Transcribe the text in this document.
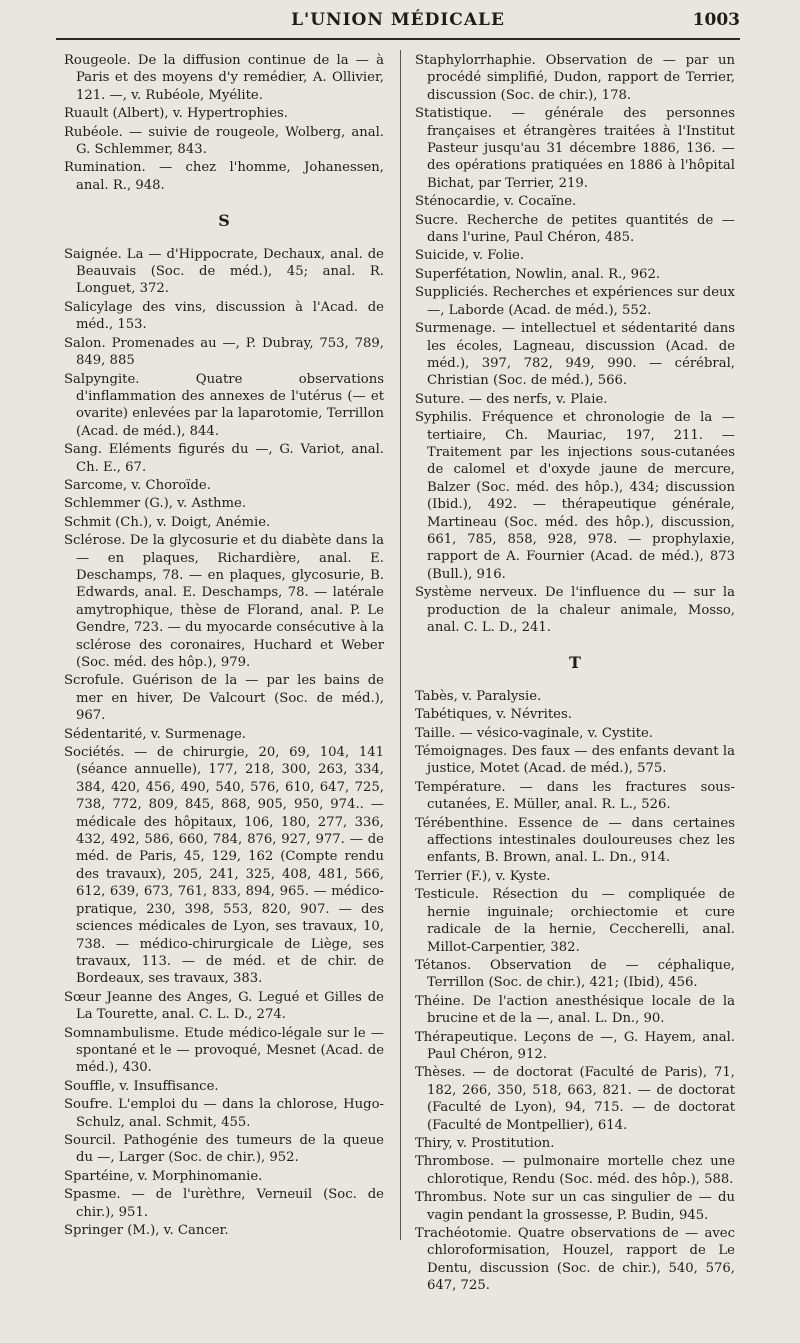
L'UNION MÉDICALE	1003

Rougeole. De la diffusion continue de la — à Paris et des moyens d'y remédier, A. Ollivier, 121. —, v. Rubéole, Myélite.

Ruault (Albert), v. Hypertrophies.

Rubéole. — suivie de rougeole, Wolberg, anal. G. Schlemmer, 843.

Rumination. — chez l'homme, Johanessen, anal. R., 948.

S

Saignée. La — d'Hippocrate, Dechaux, anal. de Beauvais (Soc. de méd.), 45; anal. R. Longuet, 372.

Salicylage des vins, discussion à l'Acad. de méd., 153.

Salon. Promenades au —, P. Dubray, 753, 789, 849, 885

Salpyngite. Quatre observations d'inflammation des annexes de l'utérus (— et ovarite) enlevées par la laparotomie, Terrillon (Acad. de méd.), 844.

Sang. Eléments figurés du —, G. Variot, anal. Ch. E., 67.

Sarcome, v. Choroïde.

Schlemmer (G.), v. Asthme.

Schmit (Ch.), v. Doigt, Anémie.

Sclérose. De la glycosurie et du diabète dans la — en plaques, Richardière, anal. E. Deschamps, 78. — en plaques, glycosurie, B. Edwards, anal. E. Deschamps, 78. — latérale amytrophique, thèse de Florand, anal. P. Le Gendre, 723. — du myocarde consécutive à la sclérose des coronaires, Huchard et Weber (Soc. méd. des hôp.), 979.

Scrofule. Guérison de la — par les bains de mer en hiver, De Valcourt (Soc. de méd.), 967.

Sédentarité, v. Surmenage.

Sociétés. — de chirurgie, 20, 69, 104, 141 (séance annuelle), 177, 218, 300, 263, 334, 384, 420, 456, 490, 540, 576, 610, 647, 725, 738, 772, 809, 845, 868, 905, 950, 974.. — médicale des hôpitaux, 106, 180, 277, 336, 432, 492, 586, 660, 784, 876, 927, 977. — de méd. de Paris, 45, 129, 162 (Compte rendu des travaux), 205, 241, 325, 408, 481, 566, 612, 639, 673, 761, 833, 894, 965. — médico-pratique, 230, 398, 553, 820, 907. — des sciences médicales de Lyon, ses travaux, 10, 738. — médico-chirurgicale de Liège, ses travaux, 113. — de méd. et de chir. de Bordeaux, ses travaux, 383.

Sœur Jeanne des Anges, G. Legué et Gilles de La Tourette, anal. C. L. D., 274.

Somnambulisme. Etude médico-légale sur le — spontané et le — provoqué, Mesnet (Acad. de méd.), 430.

Souffle, v. Insuffisance.

Soufre. L'emploi du — dans la chlorose, Hugo-Schulz, anal. Schmit, 455.

Sourcil. Pathogénie des tumeurs de la queue du —, Larger (Soc. de chir.), 952.

Spartéine, v. Morphinomanie.

Spasme. — de l'urèthre, Verneuil (Soc. de chir.), 951.

Springer (M.), v. Cancer.

Staphylorrhaphie. Observation de — par un procédé simplifié, Dudon, rapport de Terrier, discussion (Soc. de chir.), 178.

Statistique. — générale des personnes françaises et étrangères traitées à l'Institut Pasteur jusqu'au 31 décembre 1886, 136. — des opérations pratiquées en 1886 à l'hôpital Bichat, par Terrier, 219.

Sténocardie, v. Cocaïne.

Sucre. Recherche de petites quantités de — dans l'urine, Paul Chéron, 485.

Suicide, v. Folie.

Superfétation, Nowlin, anal. R., 962.

Suppliciés. Recherches et expériences sur deux —, Laborde (Acad. de méd.), 552.

Surmenage. — intellectuel et sédentarité dans les écoles, Lagneau, discussion (Acad. de méd.), 397, 782, 949, 990. — cérébral, Christian (Soc. de méd.), 566.

Suture. — des nerfs, v. Plaie.

Syphilis. Fréquence et chronologie de la — tertiaire, Ch. Mauriac, 197, 211. — Traitement par les injections sous-cutanées de calomel et d'oxyde jaune de mercure, Balzer (Soc. méd. des hôp.), 434; discussion (Ibid.), 492. — thérapeutique générale, Martineau (Soc. méd. des hôp.), discussion, 661, 785, 858, 928, 978. — prophylaxie, rapport de A. Fournier (Acad. de méd.), 873 (Bull.), 916.

Système nerveux. De l'influence du — sur la production de la chaleur animale, Mosso, anal. C. L. D., 241.

T

Tabès, v. Paralysie.

Tabétiques, v. Névrites.

Taille. — vésico-vaginale, v. Cystite.

Témoignages. Des faux — des enfants devant la justice, Motet (Acad. de méd.), 575.

Température. — dans les fractures sous-cutanées, E. Müller, anal. R. L., 526.

Térébenthine. Essence de — dans certaines affections intestinales douloureuses chez les enfants, B. Brown, anal. L. Dn., 914.

Terrier (F.), v. Kyste.

Testicule. Résection du — compliquée de hernie inguinale; orchiectomie et cure radicale de la hernie, Ceccherelli, anal. Millot-Carpentier, 382.

Tétanos. Observation de — céphalique, Terrillon (Soc. de chir.), 421; (Ibid), 456.

Théine. De l'action anesthésique locale de la brucine et de la —, anal. L. Dn., 90.

Thérapeutique. Leçons de —, G. Hayem, anal. Paul Chéron, 912.

Thèses. — de doctorat (Faculté de Paris), 71, 182, 266, 350, 518, 663, 821. — de doctorat (Faculté de Lyon), 94, 715. — de doctorat (Faculté de Montpellier), 614.

Thiry, v. Prostitution.

Thrombose. — pulmonaire mortelle chez une chlorotique, Rendu (Soc. méd. des hôp.), 588.

Thrombus. Note sur un cas singulier de — du vagin pendant la grossesse, P. Budin, 945.

Trachéotomie. Quatre observations de — avec chloroformisation, Houzel, rapport de Le Dentu, discussion (Soc. de chir.), 540, 576, 647, 725.
